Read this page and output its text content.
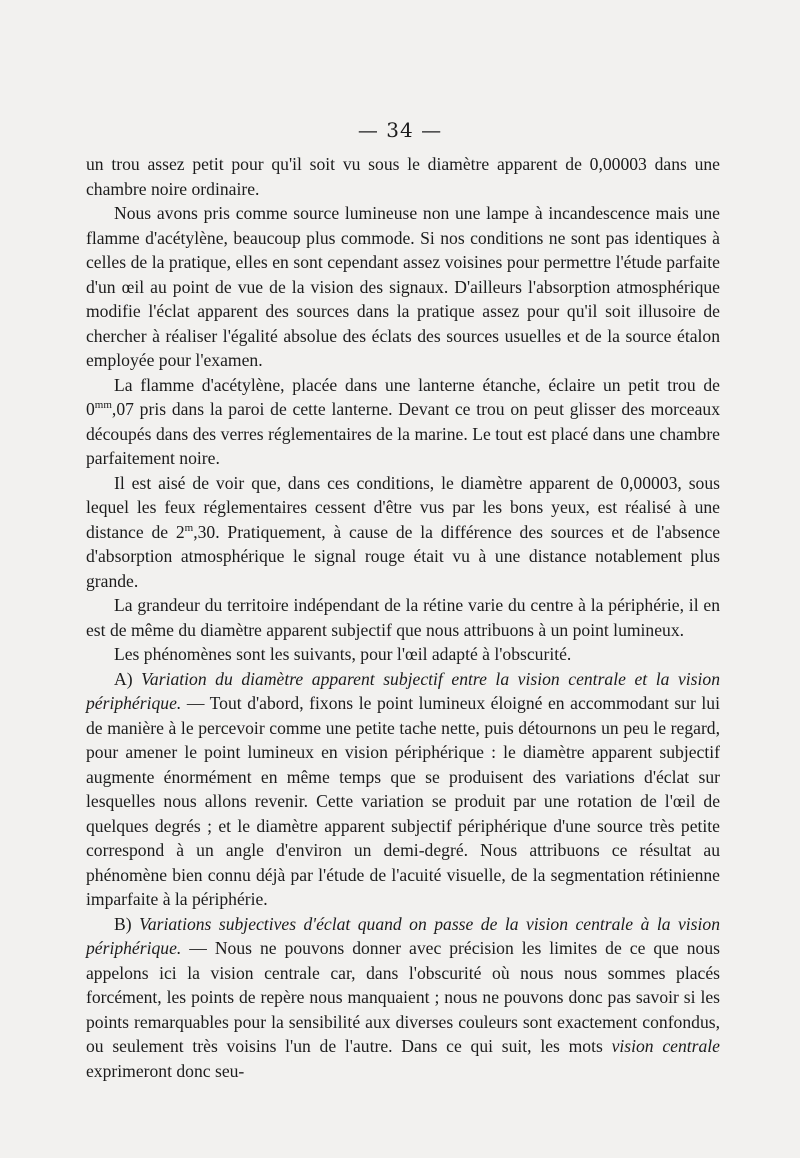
— 34 —

un trou assez petit pour qu'il soit vu sous le diamètre apparent de 0,00003 dans une chambre noire ordinaire.

Nous avons pris comme source lumineuse non une lampe à incandescence mais une flamme d'acétylène, beaucoup plus commode. Si nos conditions ne sont pas identiques à celles de la pratique, elles en sont cependant assez voisines pour permettre l'étude parfaite d'un œil au point de vue de la vision des signaux. D'ailleurs l'absorption atmosphérique modifie l'éclat apparent des sources dans la pratique assez pour qu'il soit illusoire de chercher à réaliser l'égalité absolue des éclats des sources usuelles et de la source étalon employée pour l'examen.

La flamme d'acétylène, placée dans une lanterne étanche, éclaire un petit trou de 0$^{mm}$,07 pris dans la paroi de cette lanterne. Devant ce trou on peut glisser des morceaux découpés dans des verres réglementaires de la marine. Le tout est placé dans une chambre parfaitement noire.

Il est aisé de voir que, dans ces conditions, le diamètre apparent de 0,00003, sous lequel les feux réglementaires cessent d'être vus par les bons yeux, est réalisé à une distance de 2$^m$,30. Pratiquement, à cause de la différence des sources et de l'absence d'absorption atmosphérique le signal rouge était vu à une distance notablement plus grande.

La grandeur du territoire indépendant de la rétine varie du centre à la périphérie, il en est de même du diamètre apparent subjectif que nous attribuons à un point lumineux.

Les phénomènes sont les suivants, pour l'œil adapté à l'obscurité.

A) Variation du diamètre apparent subjectif entre la vision centrale et la vision périphérique. — Tout d'abord, fixons le point lumineux éloigné en accommodant sur lui de manière à le percevoir comme une petite tache nette, puis détournons un peu le regard, pour amener le point lumineux en vision périphérique : le diamètre apparent subjectif augmente énormément en même temps que se produisent des variations d'éclat sur lesquelles nous allons revenir. Cette variation se produit par une rotation de l'œil de quelques degrés ; et le diamètre apparent subjectif périphérique d'une source très petite correspond à un angle d'environ un demi-degré. Nous attribuons ce résultat au phénomène bien connu déjà par l'étude de l'acuité visuelle, de la segmentation rétinienne imparfaite à la périphérie.

B) Variations subjectives d'éclat quand on passe de la vision centrale à la vision périphérique. — Nous ne pouvons donner avec précision les limites de ce que nous appelons ici la vision centrale car, dans l'obscurité où nous nous sommes placés forcément, les points de repère nous manquaient ; nous ne pouvons donc pas savoir si les points remarquables pour la sensibilité aux diverses couleurs sont exactement confondus, ou seulement très voisins l'un de l'autre. Dans ce qui suit, les mots vision centrale exprimeront donc seu-
